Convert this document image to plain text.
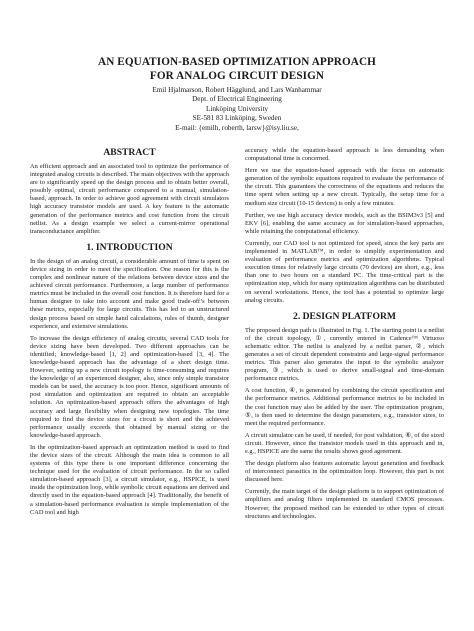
AN EQUATION-BASED OPTIMIZATION APPROACH
FOR ANALOG CIRCUIT DESIGN
Emil Hjalmarson, Robert Hägglund, and Lars Wanhammar
Dept. of Electrical Engineering
Linköping University
SE-581 83 Linköping, Sweden
E-mail: {emilh, roberth, larsw}@isy.liu.se,
ABSTRACT

An efficient approach and an associated tool to optimize the performance of integrated analog circuits is described. The main objectives with the approach are to significantly speed up the design process and to obtain better overall, possibly optimal, circuit performance compared to a manual, simulation-based, approach. In order to achieve good agreement with circuit simulators high accuracy transistor models are used. A key feature is the automatic generation of the performance metrics and cost function from the circuit netlist. As a design example we select a current-mirror operational transconductance amplifier.

1. INTRODUCTION

In the design of an analog circuit, a considerable amount of time is spent on device sizing in order to meet the specification. One reason for this is the complex and nonlinear nature of the relations between device sizes and the achieved circuit performance. Furthermore, a large number of performance metrics must be included in the overall cost function. It is therefore hard for a human designer to take into account and make good trade-off’s between these metrics, especially for large circuits. This has led to an unstructured design process based on simple hand calculations, rules of thumb, designer experience, and extensive simulations.

To increase the design efficiency of analog circuits, several CAD tools for device sizing have been developed. Two different approaches can be identified; knowledge-based [1, 2] and optimization-based [3, 4]. The knowledge-based approach has the advantage of a short design time. However, setting up a new circuit topology is time-consuming and requires the knowledge of an experienced designer, also, since only simple transistor models can be used, the accuracy is too poor. Hence, significant amounts of post simulation and optimization are required to obtain an acceptable solution. An optimization-based approach offers the advantages of high accuracy and large flexibility when designing new topologies. The time required to find the device sizes for a circuit is short and the achieved performance usually exceeds that obtained by manual sizing or the knowledge-based approach.

In the optimization-based approach an optimization method is used to find the device sizes of the circuit. Although the main idea is common to all systems of this type there is one important difference concerning the technique used for the evaluation of circuit performance. In the so called simulation-based approach [3], a circuit simulator, e.g., HSPICE, is used inside the optimization loop, while symbolic circuit equations are derived and directly used in the equation-based approach [4]. Traditionally, the benefit of a simulation-based performance evaluation is simple implementation of the CAD tool and high

accuracy while the equation-based approach is less demanding when computational time is concerned.

Here we use the equation-based approach with the focus on automatic generation of the symbolic equations required to evaluate the performance of the circuit. This guarantees the correctness of the equations and reduces the time spent when setting up a new circuit. Typically, the setup time for a medium size circuit (10-15 devices) is only a few minutes.

Further, we use high accuracy device models, such as the BSIM3v3 [5] and EKV [6], enabling the same accuracy as for simulation-based approaches, while retaining the computational efficiency.

Currently, our CAD tool is not optimized for speed, since the key parts are implemented in MATLAB™, in order to simplify experimentation and evaluation of performance metrics and optimization algorithms. Typical execution times for relatively large circuits (70 devices) are short, e.g., less than one to two hours on a standard PC. The time-critical part is the optimization step, which for many optimization algorithms can be distributed on several workstations. Hence, the tool has a potential to optimize large analog circuits.

2. DESIGN PLATFORM

The proposed design path is illustrated in Fig. 1. The starting point is a netlist of the circuit topology, ①, currently entered in Cadence™ Virtuoso schematic editor. The netlist is analyzed by a netlist parser, ②, which generates a set of circuit dependent constraints and large-signal performance metrics. This parser also generates the input to the symbolic analyzer program, ③, which is used to derive small-signal and time-domain performance metrics.

A cost function, ④, is generated by combining the circuit specification and the performance metrics. Additional performance metrics to be included in the cost function may also be added by the user. The optimization program, ⑤, is then used to determine the design parameters, e.g., transistor sizes, to meet the required performance.

A circuit simulator can be used, if needed, for post validation, ⑥, of the sized circuit. However, since the transistor models used in this approach and in, e.g., HSPICE are the same the results shows good agreement.

The design platform also features automatic layout generation and feedback of interconnect parasitics in the optimization loop. However, this part is not discussed here.

Currently, the main target of the design platform is to support optimization of amplifiers and analog filters implemented in standard CMOS processes. However, the proposed method can be extended to other types of circuit structures and technologies.
